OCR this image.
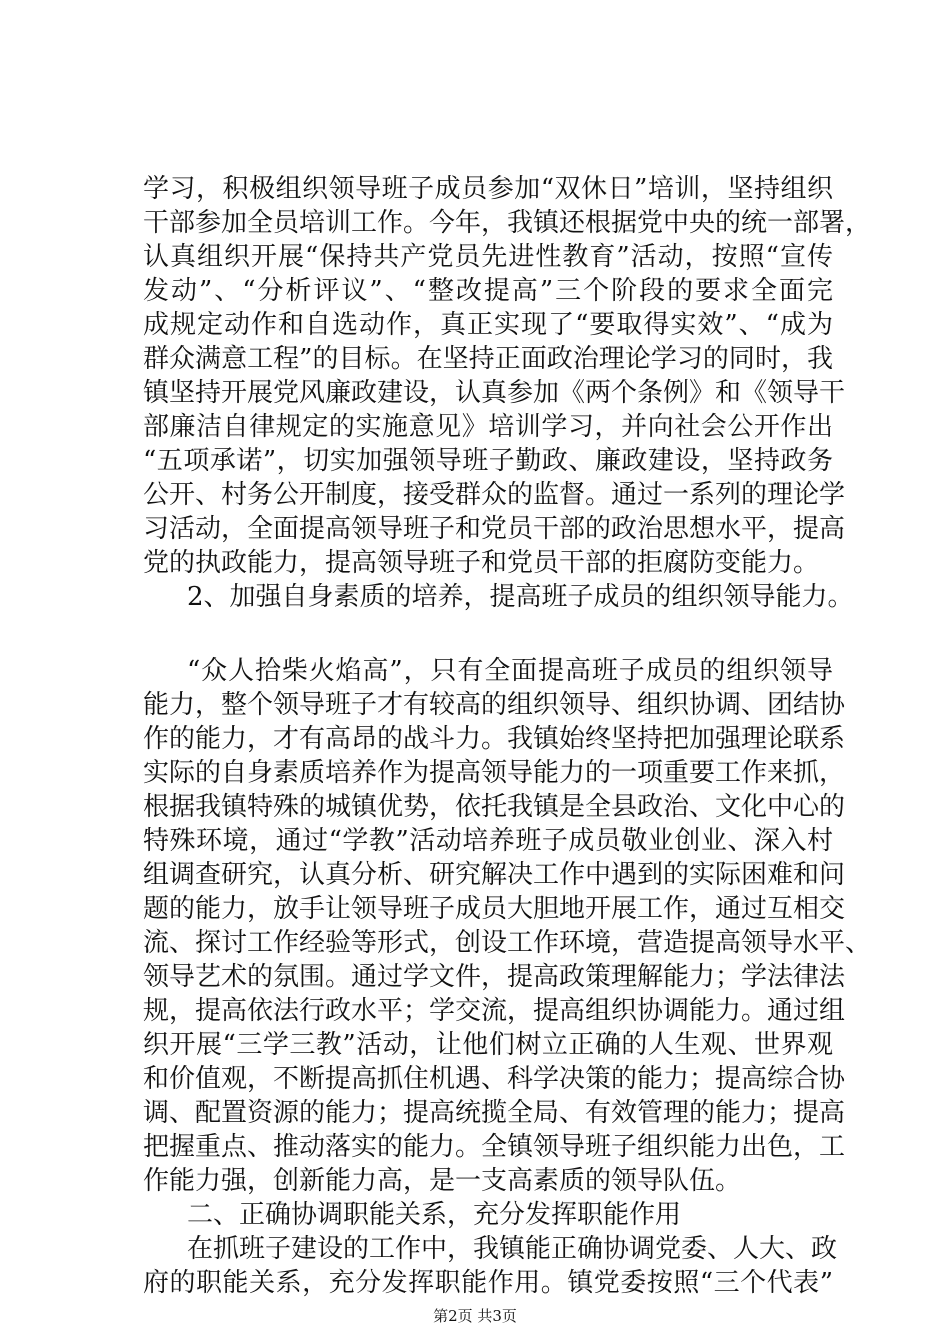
学习，积极组织领导班子成员参加“双休日”培训，坚持组织
干部参加全员培训工作。今年，我镇还根据党中央的统一部署，
认真组织开展“保持共产党员先进性教育”活动，按照“宣传
发动”、“分析评议”、“整改提高”三个阶段的要求全面完
成规定动作和自选动作，真正实现了“要取得实效”、“成为
群众满意工程”的目标。在坚持正面政治理论学习的同时，我
镇坚持开展党风廉政建设，认真参加《两个条例》和《领导干
部廉洁自律规定的实施意见》培训学习，并向社会公开作出
“五项承诺”，切实加强领导班子勤政、廉政建设，坚持政务
公开、村务公开制度，接受群众的监督。通过一系列的理论学
习活动，全面提高领导班子和党员干部的政治思想水平，提高
党的执政能力，提高领导班子和党员干部的拒腐防变能力。
2、加强自身素质的培养，提高班子成员的组织领导能力。
“众人拾柴火焰高”，只有全面提高班子成员的组织领导
能力，整个领导班子才有较高的组织领导、组织协调、团结协
作的能力，才有高昂的战斗力。我镇始终坚持把加强理论联系
实际的自身素质培养作为提高领导能力的一项重要工作来抓，
根据我镇特殊的城镇优势，依托我镇是全县政治、文化中心的
特殊环境，通过“学教”活动培养班子成员敬业创业、深入村
组调查研究，认真分析、研究解决工作中遇到的实际困难和问
题的能力，放手让领导班子成员大胆地开展工作，通过互相交
流、探讨工作经验等形式，创设工作环境，营造提高领导水平、
领导艺术的氛围。通过学文件，提高政策理解能力；学法律法
规，提高依法行政水平；学交流，提高组织协调能力。通过组
织开展“三学三教”活动，让他们树立正确的人生观、世界观
和价值观，不断提高抓住机遇、科学决策的能力；提高综合协
调、配置资源的能力；提高统揽全局、有效管理的能力；提高
把握重点、推动落实的能力。全镇领导班子组织能力出色，工
作能力强，创新能力高，是一支高素质的领导队伍。
二、正确协调职能关系，充分发挥职能作用
在抓班子建设的工作中，我镇能正确协调党委、人大、政
府的职能关系，充分发挥职能作用。镇党委按照“三个代表”
第2页 共3页
